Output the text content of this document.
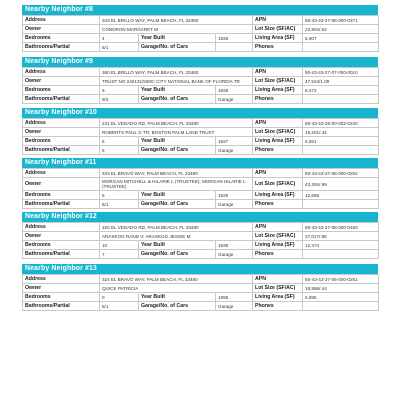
Nearby Neighbor #8
Address	343 EL BRILLO WAY, PALM BEACH, FL 33480			APN	50-43-43-27-06-000-0371
Owner	CONDRON MARGARET M			Lot Size (SF/AC)	22,904/.53
Bedrooms	4	Year Built	1928	Living Area (SF)	5,907
Bathrooms/Partial	5/1	Garage/No. of Cars		Phones	
Nearby Neighbor #9
Address	360 EL BRILLO WAY, PALM BEACH, FL 33480			APN	50-43-43-27-07-000-0010
Owner	TRUST NO 240131/5900; CITY NATIONAL BANK OF FLORIDA TR			Lot Size (SF/AC)	47,524/1.09
Bedrooms	6	Year Built	1928	Living Area (SF)	8,472
Bathrooms/Partial	9/2	Garage/No. of Cars	Garage	Phones	
Nearby Neighbor #10
Address	241 EL VEDADO RD, PALM BEACH, FL 33480			APN	50-43-43-26-00-002-0240
Owner	ROBERTS PAUL G TR; BOSTON PALM LAND TRUST			Lot Size (SF/AC)	19,201/.44
Bedrooms	5	Year Built	1927	Living Area (SF)	6,651
Bathrooms/Partial	5	Garage/No. of Cars	Garage	Phones	
Nearby Neighbor #11
Address	343 EL BRAVO WAY, PALM BEACH, FL 33480			APN	50-43-43-27-06-000-0252
Owner	MORGAN MITCHELL & HILARIE L (TRUSTEE); MORGAN HILARIE L (TRUSTEE)			Lot Size (SF/AC)	43,294/.99
Bedrooms	5	Year Built	1925	Living Area (SF)	12,669
Bathrooms/Partial	6/1	Garage/No. of Cars	Garage	Phones	
Nearby Neighbor #12
Address	320 EL VEDADO RD, PALM BEACH, FL 33480			APN	50-43-43-27-08-000-0450
Owner	ARASKOG RAND V; ARASKOG JESSIE M			Lot Size (SF/AC)	37,017/.85
Bedrooms	10	Year Built	1936	Living Area (SF)	12,374
Bathrooms/Partial	7	Garage/No. of Cars	Garage	Phones	
Nearby Neighbor #13
Address	324 EL BRAVO WAY, PALM BEACH, FL 33480			APN	50-43-43-27-06-000-0251
Owner	QUICK PATRICIA			Lot Size (SF/AC)	18,966/.44
Bedrooms	0	Year Built	1995	Living Area (SF)	5,995
Bathrooms/Partial	5/1	Garage/No. of Cars	Garage	Phones	
